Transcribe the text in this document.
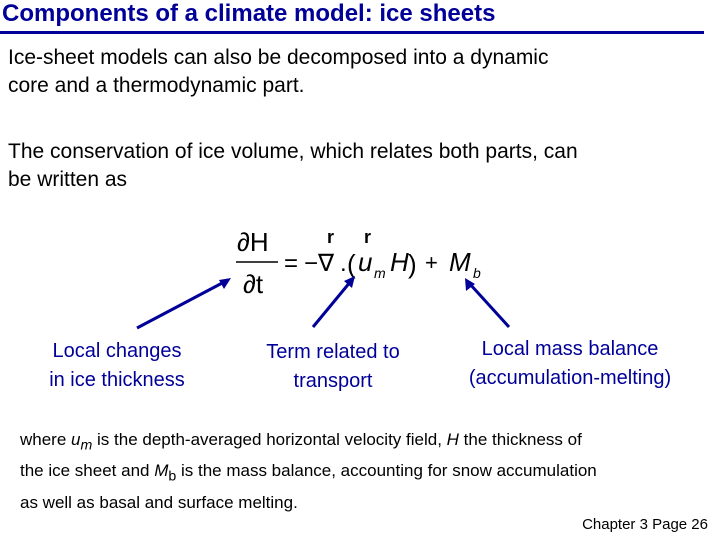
Components of a climate model: ice sheets
Ice-sheet models can also be decomposed into a dynamic
core and a thermodynamic part.
The conservation of ice volume, which relates both parts, can
be written as
∂H
∂t
= −∇
r
. (
r
u m H ) + M b
Local changes
in ice thickness
Term related to
transport
Local mass balance
(accumulation-melting)
where $u_m$ is the depth-averaged horizontal velocity field, H the thickness of
the ice sheet and $M_b$ is the mass balance, accounting for snow accumulation
as well as basal and surface melting.
Chapter 3 Page 26
